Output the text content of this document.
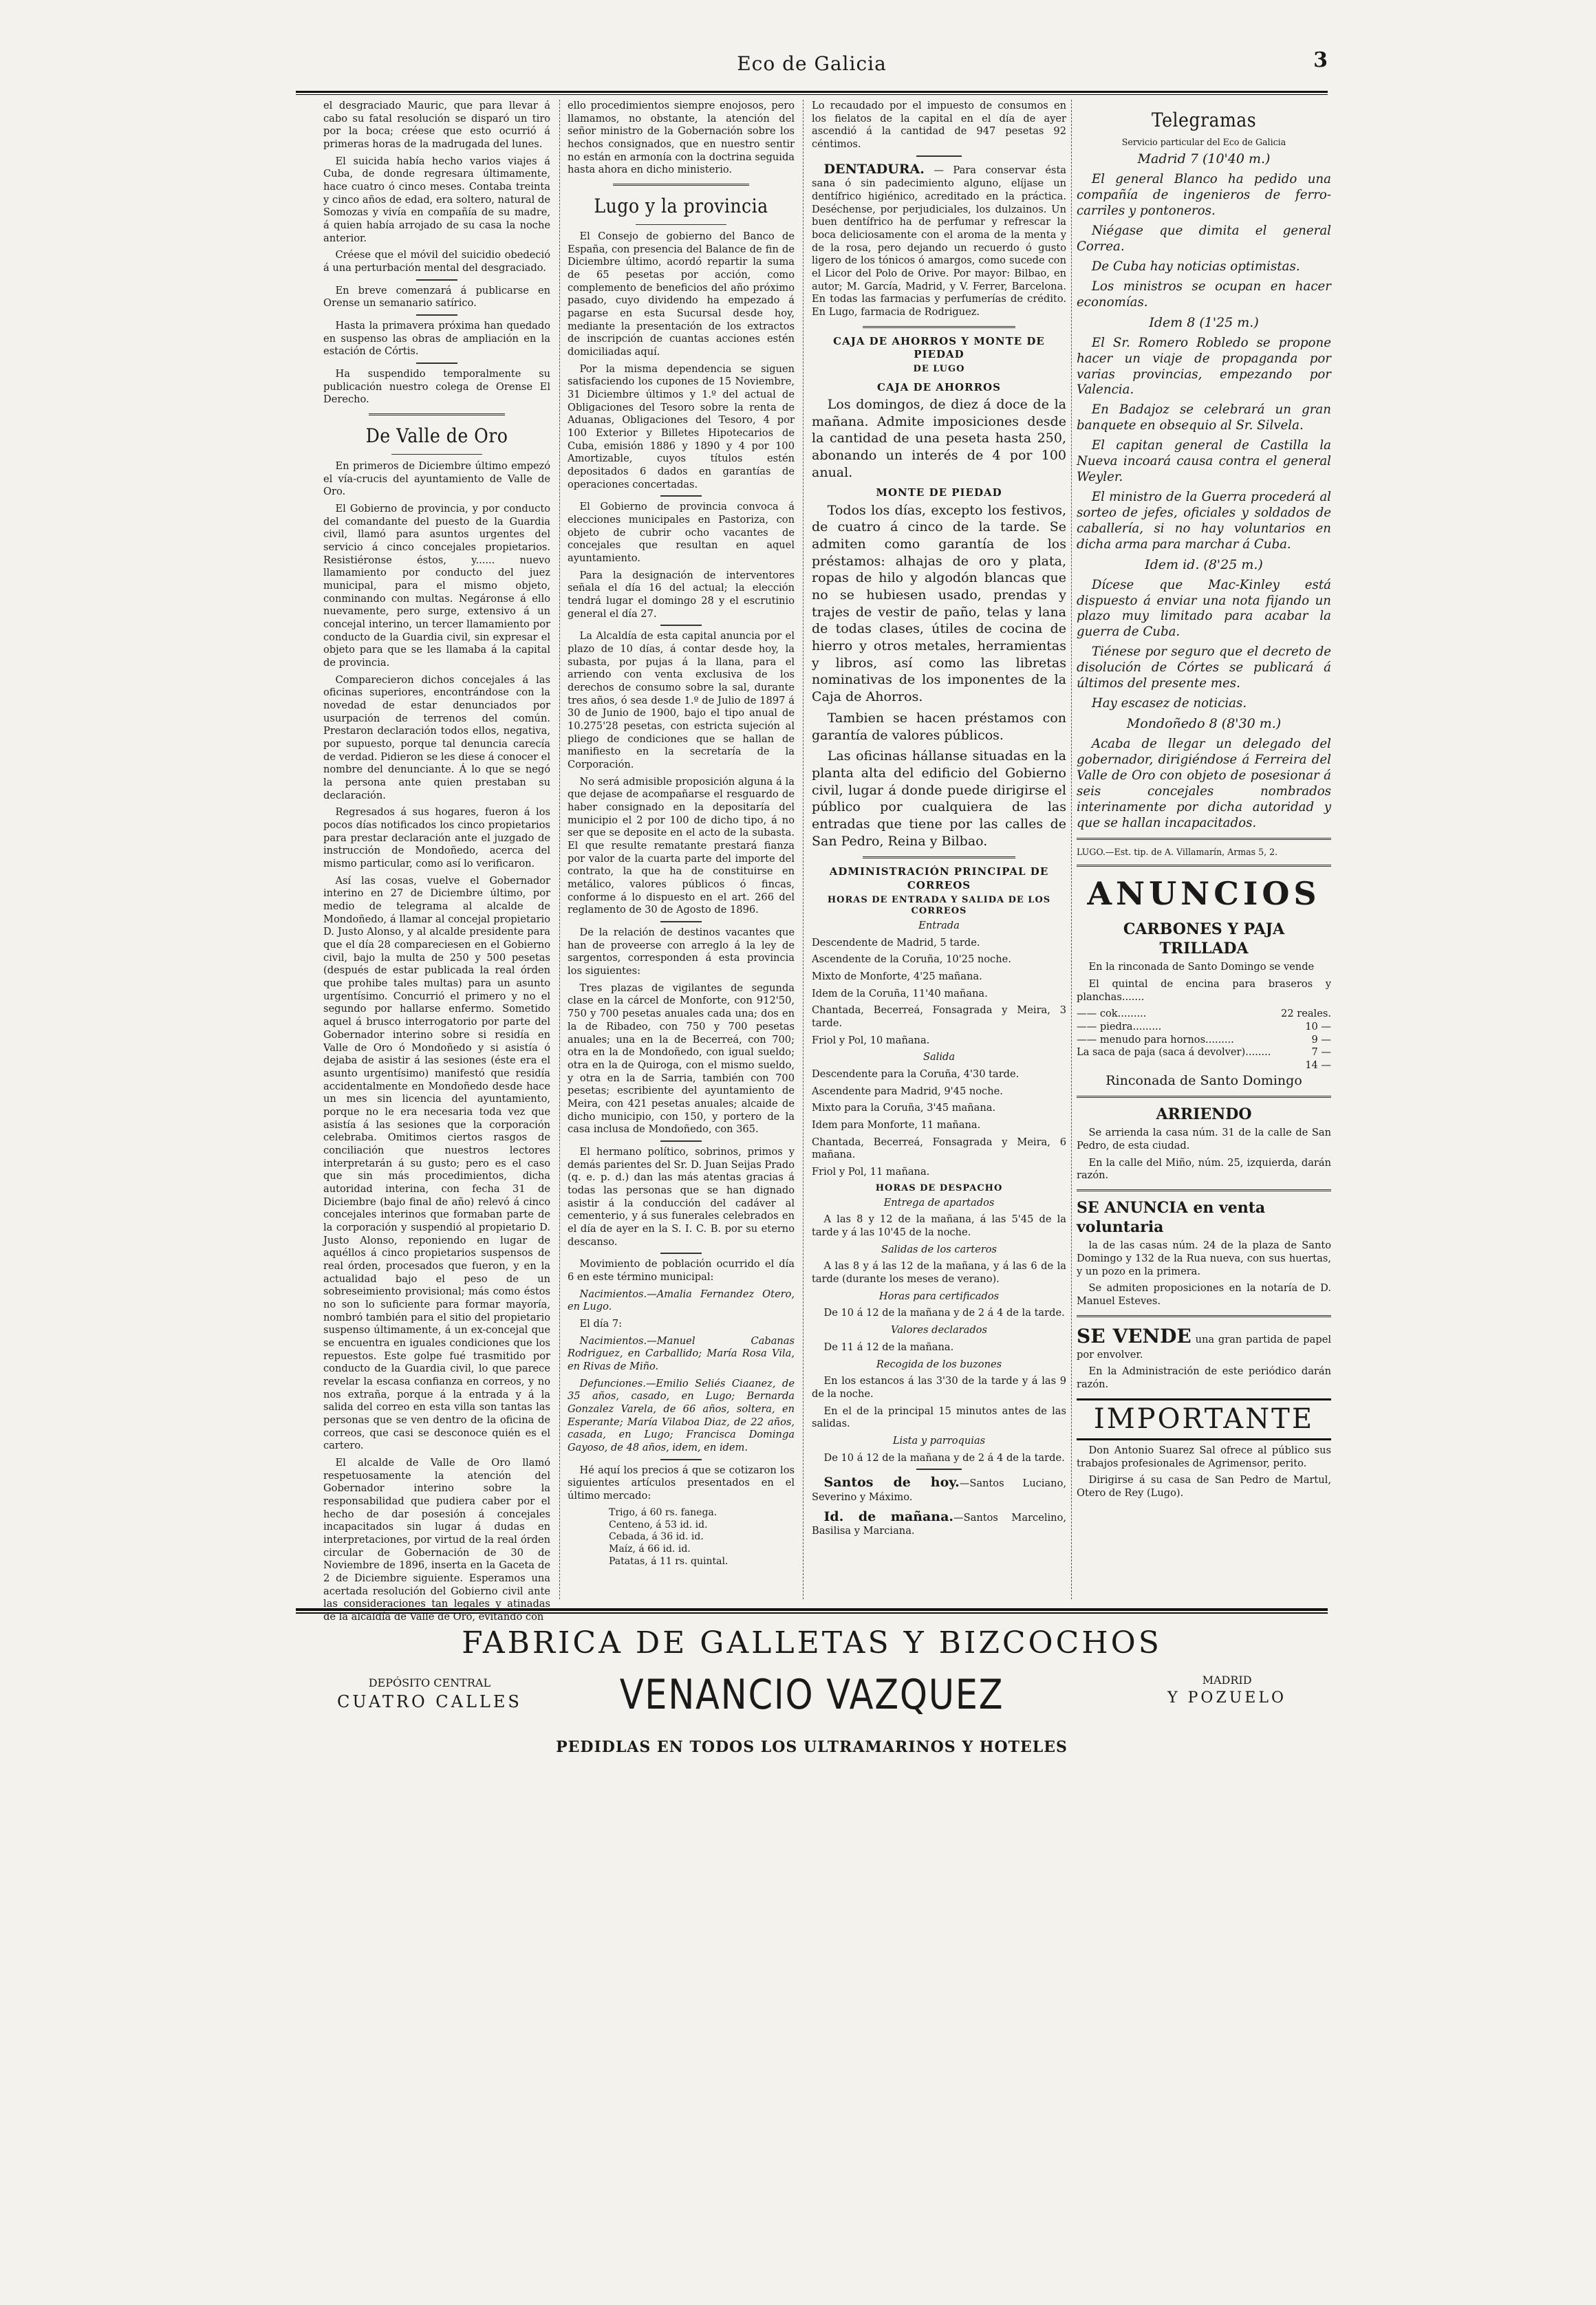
Eco de Galicia	3

el desgraciado Mauric, que para llevar á cabo su fatal resolución se disparó un tiro por la boca; créese que esto ocurrió á primeras horas de la madrugada del lunes.

El suicida había hecho varios viajes á Cuba, de donde regresara últimamente, hace cuatro ó cinco meses. Contaba treinta y cinco años de edad, era soltero, natural de Somozas y vivía en compañía de su madre, á quien había arrojado de su casa la noche anterior.

Créese que el móvil del suicidio obedeció á una perturbación mental del desgraciado.

En breve comenzará á publicarse en Orense un semanario satírico.

Hasta la primavera próxima han quedado en suspenso las obras de ampliación en la estación de Córtis.

Ha suspendido temporalmente su publicación nuestro colega de Orense El Derecho.

De Valle de Oro

En primeros de Diciembre último empezó el vía-crucis del ayuntamiento de Valle de Oro.

El Gobierno de provincia, y por conducto del comandante del puesto de la Guardia civil, llamó para asuntos urgentes del servicio á cinco concejales propietarios. Resistiéronse éstos, y...... nuevo llamamiento por conducto del juez municipal, para el mismo objeto, conminando con multas. Negáronse á ello nuevamente, pero surge, extensivo á un concejal interino, un tercer llamamiento por conducto de la Guardia civil, sin expresar el objeto para que se les llamaba á la capital de provincia.

Comparecieron dichos concejales á las oficinas superiores, encontrándose con la novedad de estar denunciados por usurpación de terrenos del común. Prestaron declaración todos ellos, negativa, por supuesto, porque tal denuncia carecía de verdad. Pidieron se les diese á conocer el nombre del denunciante. Á lo que se negó la persona ante quien prestaban su declaración.

Regresados á sus hogares, fueron á los pocos días notificados los cinco propietarios para prestar declaración ante el juzgado de instrucción de Mondoñedo, acerca del mismo particular, como así lo verificaron.

Así las cosas, vuelve el Gobernador interino en 27 de Diciembre último, por medio de telegrama al alcalde de Mondoñedo, á llamar al concejal propietario D. Justo Alonso, y al alcalde presidente para que el día 28 compareciesen en el Gobierno civil, bajo la multa de 250 y 500 pesetas (después de estar publicada la real órden que prohibe tales multas) para un asunto urgentísimo. Concurrió el primero y no el segundo por hallarse enfermo. Sometido aquel á brusco interrogatorio por parte del Gobernador interino sobre si residía en Valle de Oro ó Mondoñedo y si asistía ó dejaba de asistir á las sesiones (éste era el asunto urgentísimo) manifestó que residía accidentalmente en Mondoñedo desde hace un mes sin licencia del ayuntamiento, porque no le era necesaria toda vez que asistía á las sesiones que la corporación celebraba. Omitimos ciertos rasgos de conciliación que nuestros lectores interpretarán á su gusto; pero es el caso que sin más procedimientos, dicha autoridad interina, con fecha 31 de Diciembre (bajo final de año) relevó á cinco concejales interinos que formaban parte de la corporación y suspendió al propietario D. Justo Alonso, reponiendo en lugar de aquéllos á cinco propietarios suspensos de real órden, procesados que fueron, y en la actualidad bajo el peso de un sobreseimiento provisional; más como éstos no son lo suficiente para formar mayoría, nombró también para el sitio del propietario suspenso últimamente, á un ex-concejal que se encuentra en iguales condiciones que los repuestos. Este golpe fué trasmitido por conducto de la Guardia civil, lo que parece revelar la escasa confianza en correos, y no nos extraña, porque á la entrada y á la salida del correo en esta villa son tantas las personas que se ven dentro de la oficina de correos, que casi se desconoce quién es el cartero.

El alcalde de Valle de Oro llamó respetuosamente la atención del Gobernador interino sobre la responsabilidad que pudiera caber por el hecho de dar posesión á concejales incapacitados sin lugar á dudas en interpretaciones, por virtud de la real órden circular de Gobernación de 30 de Noviembre de 1896, inserta en la Gaceta de 2 de Diciembre siguiente. Esperamos una acertada resolución del Gobierno civil ante las consideraciones tan legales y atinadas de la alcaldía de Valle de Oro, evitando con

ello procedimientos siempre enojosos, pero llamamos, no obstante, la atención del señor ministro de la Gobernación sobre los hechos consignados, que en nuestro sentir no están en armonía con la doctrina seguida hasta ahora en dicho ministerio.

Lugo y la provincia

El Consejo de gobierno del Banco de España, con presencia del Balance de fin de Diciembre último, acordó repartir la suma de 65 pesetas por acción, como complemento de beneficios del año próximo pasado, cuyo dividendo ha empezado á pagarse en esta Sucursal desde hoy, mediante la presentación de los extractos de inscripción de cuantas acciones estén domiciliadas aquí.

Por la misma dependencia se siguen satisfaciendo los cupones de 15 Noviembre, 31 Diciembre últimos y 1.º del actual de Obligaciones del Tesoro sobre la renta de Aduanas, Obligaciones del Tesoro, 4 por 100 Exterior y Billetes Hipotecarios de Cuba, emisión 1886 y 1890 y 4 por 100 Amortizable, cuyos títulos estén depositados 6 dados en garantías de operaciones concertadas.

El Gobierno de provincia convoca á elecciones municipales en Pastoriza, con objeto de cubrir ocho vacantes de concejales que resultan en aquel ayuntamiento.

Para la designación de interventores señala el día 16 del actual; la elección tendrá lugar el domingo 28 y el escrutinio general el día 27.

La Alcaldía de esta capital anuncia por el plazo de 10 días, á contar desde hoy, la subasta, por pujas á la llana, para el arriendo con venta exclusiva de los derechos de consumo sobre la sal, durante tres años, ó sea desde 1.º de Julio de 1897 á 30 de Junio de 1900, bajo el tipo anual de 10.275'28 pesetas, con estricta sujeción al pliego de condiciones que se hallan de manifiesto en la secretaría de la Corporación.

No será admisible proposición alguna á la que dejase de acompañarse el resguardo de haber consignado en la depositaría del municipio el 2 por 100 de dicho tipo, á no ser que se deposite en el acto de la subasta. El que resulte rematante prestará fianza por valor de la cuarta parte del importe del contrato, la que ha de constituirse en metálico, valores públicos ó fincas, conforme á lo dispuesto en el art. 266 del reglamento de 30 de Agosto de 1896.

De la relación de destinos vacantes que han de proveerse con arreglo á la ley de sargentos, corresponden á esta provincia los siguientes:

Tres plazas de vigilantes de segunda clase en la cárcel de Monforte, con 912'50, 750 y 700 pesetas anuales cada una; dos en la de Ribadeo, con 750 y 700 pesetas anuales; una en la de Becerreá, con 700; otra en la de Mondoñedo, con igual sueldo; otra en la de Quiroga, con el mismo sueldo, y otra en la de Sarria, también con 700 pesetas; escribiente del ayuntamiento de Meira, con 421 pesetas anuales; alcaide de dicho municipio, con 150, y portero de la casa inclusa de Mondoñedo, con 365.

El hermano político, sobrinos, primos y demás parientes del Sr. D. Juan Seijas Prado (q. e. p. d.) dan las más atentas gracias á todas las personas que se han dignado asistir á la conducción del cadáver al cementerio, y á sus funerales celebrados en el día de ayer en la S. I. C. B. por su eterno descanso.

Movimiento de población ocurrido el día 6 en este término municipal:

Nacimientos.—Amalia Fernandez Otero, en Lugo.

El día 7:

Nacimientos.—Manuel Cabanas Rodriguez, en Carballido; María Rosa Vila, en Rivas de Miño.

Defunciones.—Emilio Seliés Ciaanez, de 35 años, casado, en Lugo; Bernarda Gonzalez Varela, de 66 años, soltera, en Esperante; María Vilaboa Diaz, de 22 años, casada, en Lugo; Francisca Dominga Gayoso, de 48 años, idem, en idem.

Hé aquí los precios á que se cotizaron los siguientes artículos presentados en el último mercado:

Trigo, á 60 rs. fanega.
Centeno, á 53 id. id.
Cebada, á 36 id. id.
Maíz, á 66 id. id.
Patatas, á 11 rs. quintal.

Lo recaudado por el impuesto de consumos en los fielatos de la capital en el día de ayer ascendió á la cantidad de 947 pesetas 92 céntimos.

DENTADURA. — Para conservar ésta sana ó sin padecimiento alguno, elíjase un dentífrico higiénico, acreditado en la práctica. Deséchense, por perjudiciales, los dulzainos. Un buen dentífrico ha de perfumar y refrescar la boca deliciosamente con el aroma de la menta y de la rosa, pero dejando un recuerdo ó gusto ligero de los tónicos ó amargos, como sucede con el Licor del Polo de Orive. Por mayor: Bilbao, en autor; M. García, Madrid, y V. Ferrer, Barcelona. En todas las farmacias y perfumerías de crédito. En Lugo, farmacia de Rodriguez.

CAJA DE AHORROS Y MONTE DE PIEDAD
DE LUGO
CAJA DE AHORROS

Los domingos, de diez á doce de la mañana. Admite imposiciones desde la cantidad de una peseta hasta 250, abonando un interés de 4 por 100 anual.

MONTE DE PIEDAD

Todos los días, excepto los festivos, de cuatro á cinco de la tarde. Se admiten como garantía de los préstamos: alhajas de oro y plata, ropas de hilo y algodón blancas que no se hubiesen usado, prendas y trajes de vestir de paño, telas y lana de todas clases, útiles de cocina de hierro y otros metales, herramientas y libros, así como las libretas nominativas de los imponentes de la Caja de Ahorros.

Tambien se hacen préstamos con garantía de valores públicos.

Las oficinas hállanse situadas en la planta alta del edificio del Gobierno civil, lugar á donde puede dirigirse el público por cualquiera de las entradas que tiene por las calles de San Pedro, Reina y Bilbao.

ADMINISTRACIÓN PRINCIPAL DE CORREOS
HORAS DE ENTRADA Y SALIDA DE LOS CORREOS

Entrada

Descendente de Madrid, 5 tarde.

Ascendente de la Coruña, 10'25 noche.

Mixto de Monforte, 4'25 mañana.

Idem de la Coruña, 11'40 mañana.

Chantada, Becerreá, Fonsagrada y Meira, 3 tarde.

Friol y Pol, 10 mañana.

Salida

Descendente para la Coruña, 4'30 tarde.

Ascendente para Madrid, 9'45 noche.

Mixto para la Coruña, 3'45 mañana.

Idem para Monforte, 11 mañana.

Chantada, Becerreá, Fonsagrada y Meira, 6 mañana.

Friol y Pol, 11 mañana.

HORAS DE DESPACHO

Entrega de apartados

A las 8 y 12 de la mañana, á las 5'45 de la tarde y á las 10'45 de la noche.

Salidas de los carteros

A las 8 y á las 12 de la mañana, y á las 6 de la tarde (durante los meses de verano).

Horas para certificados

De 10 á 12 de la mañana y de 2 á 4 de la tarde.

Valores declarados

De 11 á 12 de la mañana.

Recogida de los buzones

En los estancos á las 3'30 de la tarde y á las 9 de la noche.

En el de la principal 15 minutos antes de las salidas.

Lista y parroquias

De 10 á 12 de la mañana y de 2 á 4 de la tarde.

Santos de hoy.—Santos Luciano, Severino y Máximo.

Id. de mañana.—Santos Marcelino, Basilisa y Marciana.

Telegramas

Servicio particular del Eco de Galicia

Madrid 7 (10'40 m.)

El general Blanco ha pedido una compañía de ingenieros de ferro-carriles y pontoneros.

Niégase que dimita el general Correa.

De Cuba hay noticias optimistas.

Los ministros se ocupan en hacer economías.

Idem 8 (1'25 m.)

El Sr. Romero Robledo se propone hacer un viaje de propaganda por varias provincias, empezando por Valencia.

En Badajoz se celebrará un gran banquete en obsequio al Sr. Silvela.

El capitan general de Castilla la Nueva incoará causa contra el general Weyler.

El ministro de la Guerra procederá al sorteo de jefes, oficiales y soldados de caballería, si no hay voluntarios en dicha arma para marchar á Cuba.

Idem id. (8'25 m.)

Dícese que Mac-Kinley está dispuesto á enviar una nota fijando un plazo muy limitado para acabar la guerra de Cuba.

Tiénese por seguro que el decreto de disolución de Córtes se publicará á últimos del presente mes.

Hay escasez de noticias.

Mondoñedo 8 (8'30 m.)

Acaba de llegar un delegado del gobernador, dirigiéndose á Ferreira del Valle de Oro con objeto de posesionar á seis concejales nombrados interinamente por dicha autoridad y que se hallan incapacitados.

LUGO.—Est. tip. de A. Villamarín, Armas 5, 2.

ANUNCIOS
CARBONES Y PAJA TRILLADA

En la rinconada de Santo Domingo se vende

El quintal de encina para braseros y planchas.......

—— cok.........	22 reales.
—— piedra.........	10 —
—— menudo para hornos.........	9 —
La saca de paja (saca á devolver)........	7 —
14 —

Rinconada de Santo Domingo

ARRIENDO

Se arrienda la casa núm. 31 de la calle de San Pedro, de esta ciudad.

En la calle del Miño, núm. 25, izquierda, darán razón.

SE ANUNCIA en venta voluntaria

la de las casas núm. 24 de la plaza de Santo Domingo y 132 de la Rua nueva, con sus huertas, y un pozo en la primera.

Se admiten proposiciones en la notaría de D. Manuel Esteves.

SE VENDE una gran partida de papel por envolver.

En la Administración de este periódico darán razón.

IMPORTANTE

Don Antonio Suarez Sal ofrece al público sus trabajos profesionales de Agrimensor, perito.

Dirigirse á su casa de San Pedro de Martul, Otero de Rey (Lugo).

FABRICA DE GALLETAS Y BIZCOCHOS
DEPÓSITO CENTRAL
CUATRO CALLES	VENANCIO VAZQUEZ	MADRID
Y POZUELO
PEDIDLAS EN TODOS LOS ULTRAMARINOS Y HOTELES
